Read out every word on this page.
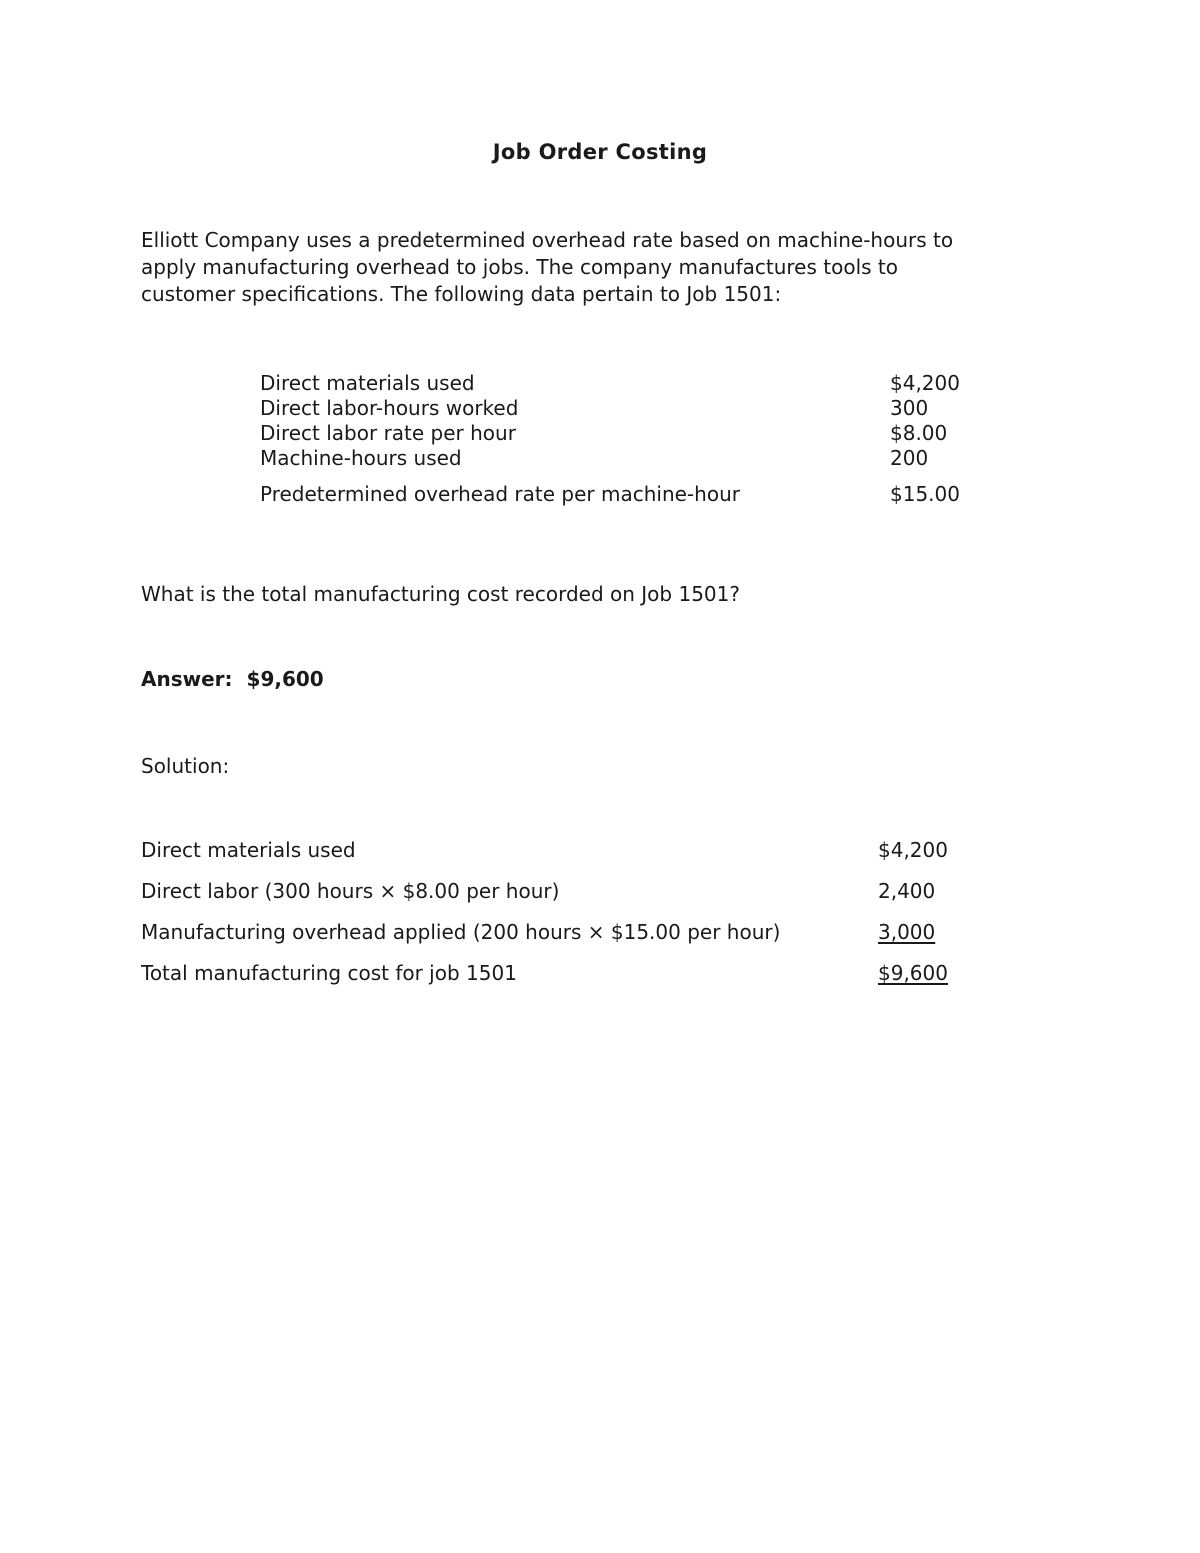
Job Order Costing
Elliott Company uses a predetermined overhead rate based on machine-hours to
apply manufacturing overhead to jobs. The company manufactures tools to
customer specifications. The following data pertain to Job 1501:
Direct materials used	$4,200
Direct labor-hours worked	300
Direct labor rate per hour	$8.00
Machine-hours used	200
Predetermined overhead rate per machine-hour	$15.00
What is the total manufacturing cost recorded on Job 1501?
Answer: $9,600
Solution:
Direct materials used	$4,200
Direct labor (300 hours × $8.00 per hour)	2,400
Manufacturing overhead applied (200 hours × $15.00 per hour)	3,000
Total manufacturing cost for job 1501	$9,600
